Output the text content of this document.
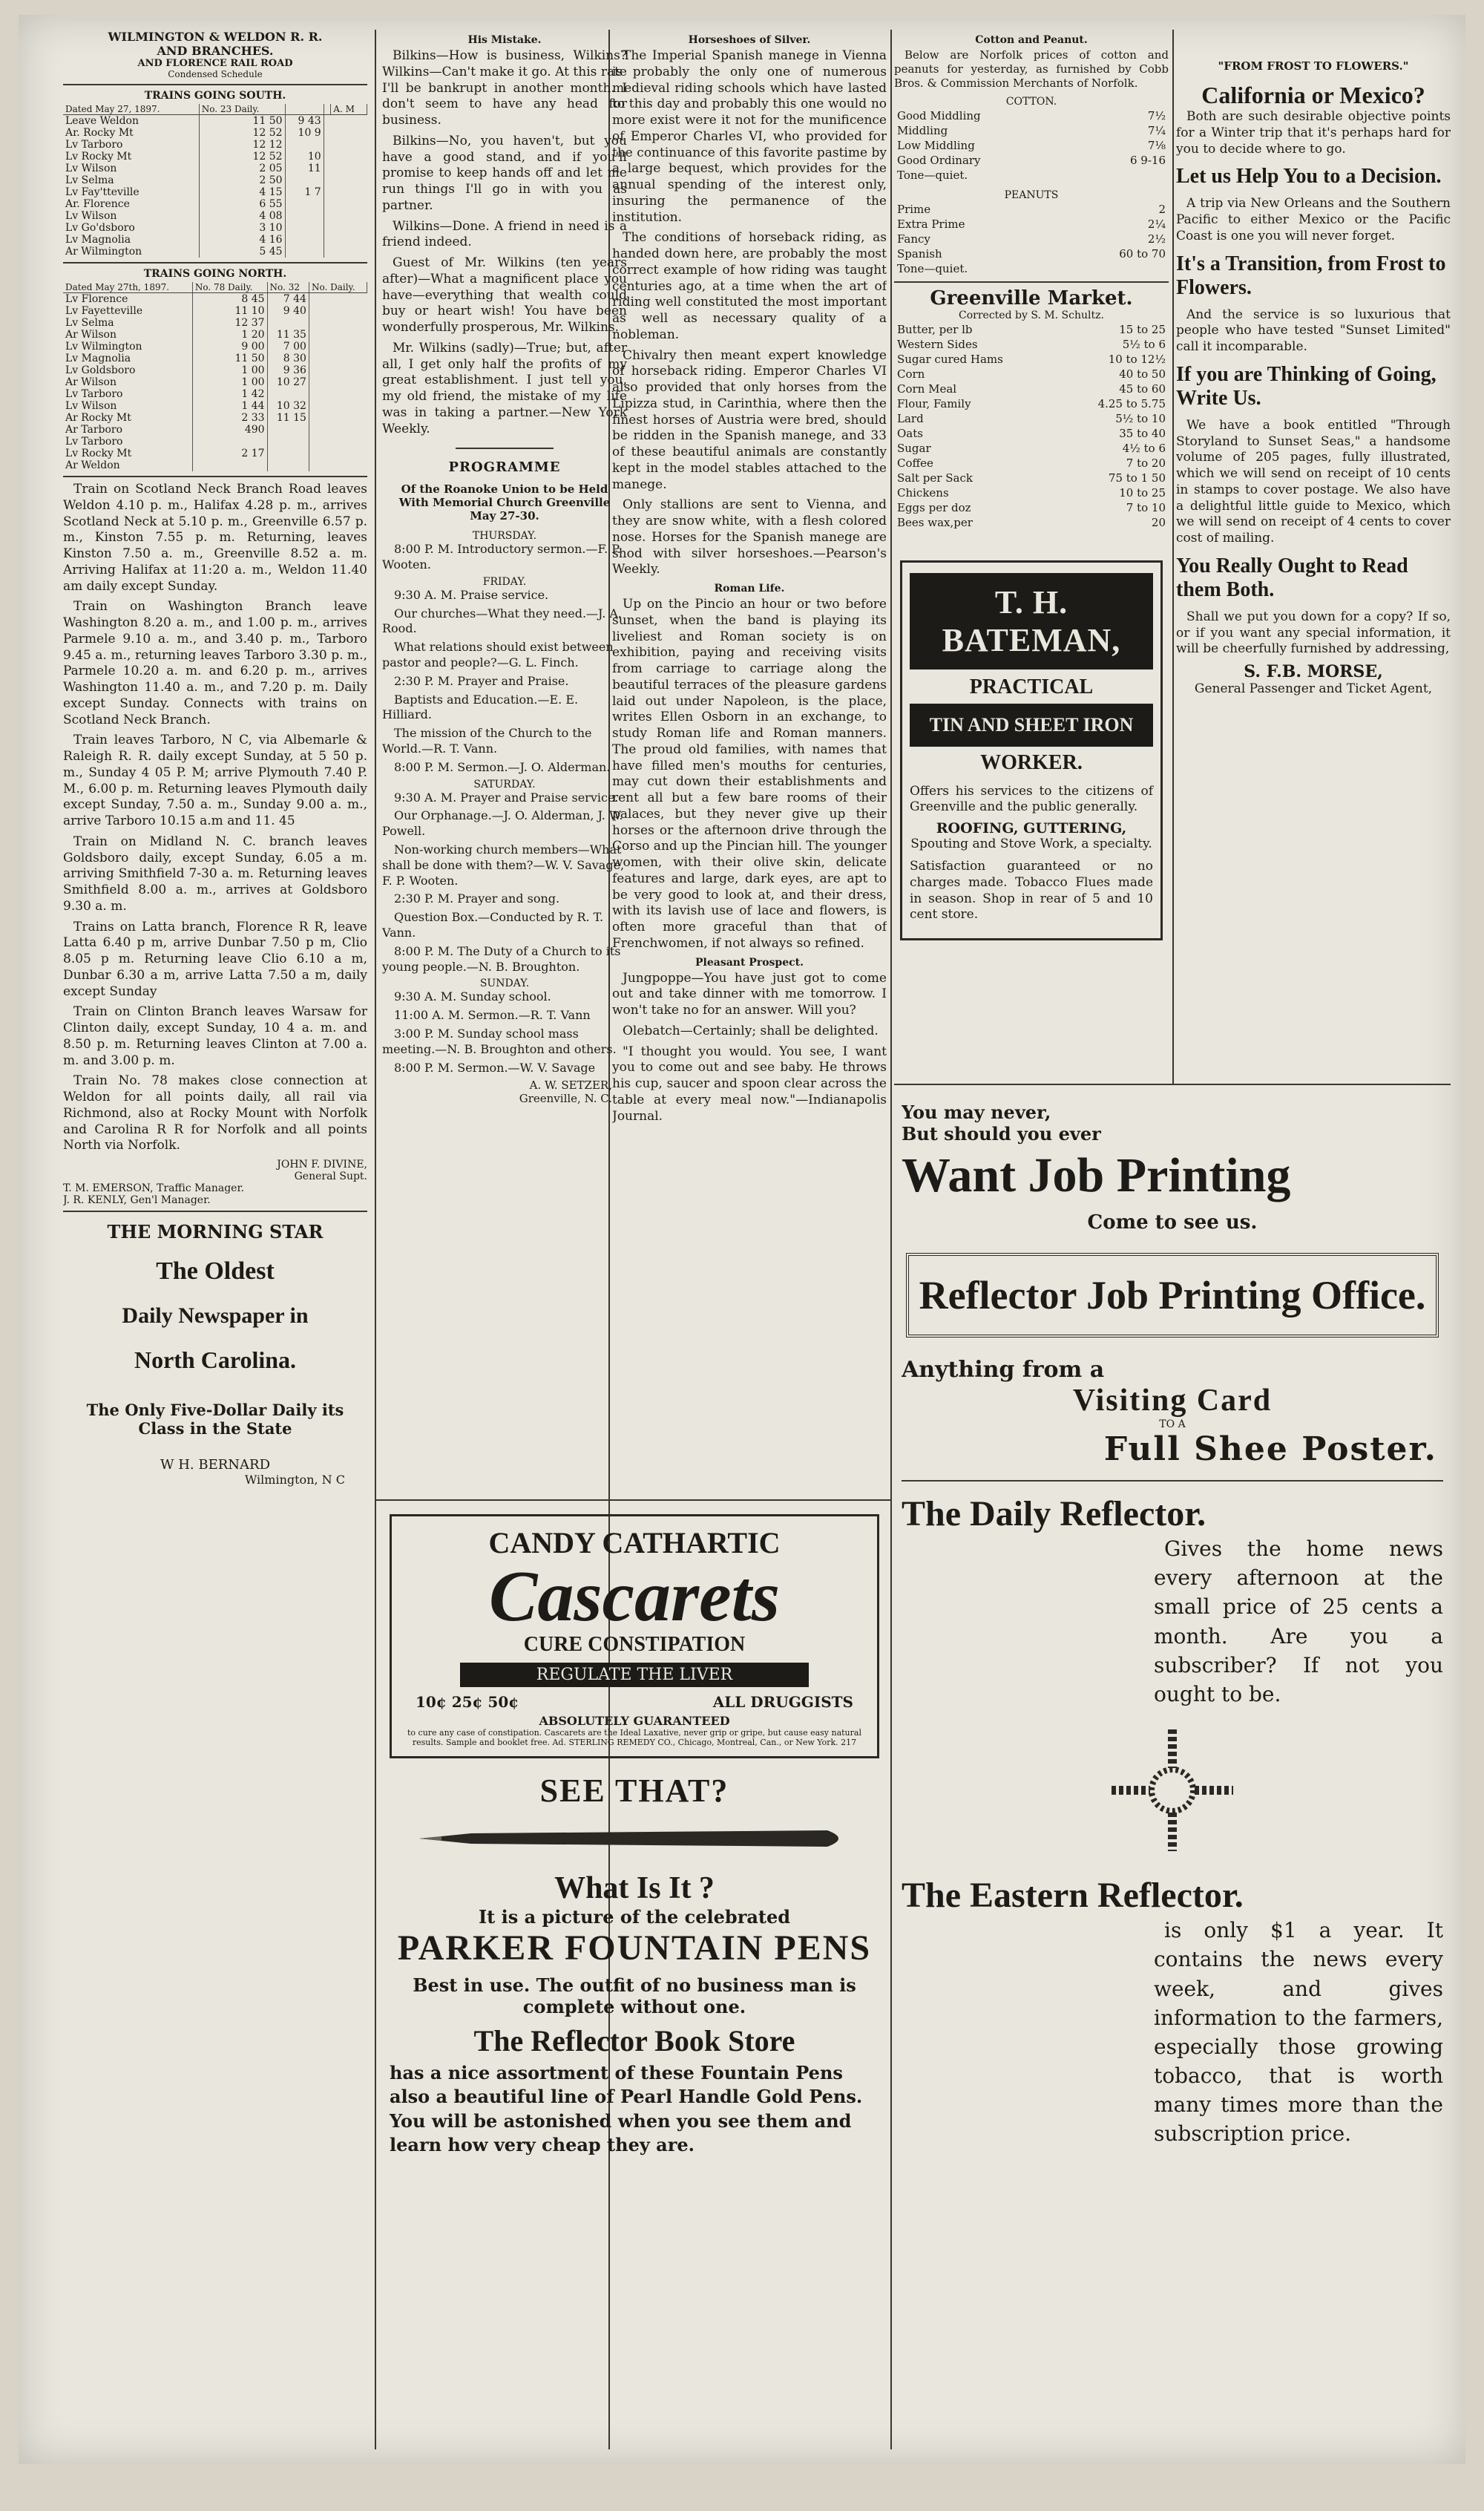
WILMINGTON & WELDON R. R.
AND BRANCHES.
AND FLORENCE RAIL ROAD
Condensed Schedule
TRAINS GOING SOUTH.
Dated May 27, 1897.	No. 23 Daily.			A. M
Leave Weldon	11 50	9 43		
Ar. Rocky Mt	12 52	10 9		
Lv Tarboro	12 12			
Lv Rocky Mt	12 52	10		
Lv Wilson	2 05	11		
Lv Selma	2 50			
Lv Fay'tteville	4 15	1 7		
Ar. Florence	6 55			
Lv Wilson	4 08			
Lv Go'dsboro	3 10			
Lv Magnolia	4 16			
Ar Wilmington	5 45			
TRAINS GOING NORTH.
Dated May 27th, 1897.	No. 78 Daily.	No. 32	No. Daily.
Lv Florence	8 45	7 44	
Lv Fayetteville	11 10	9 40	
Lv Selma	12 37		
Ar Wilson	1 20	11 35	
Lv Wilmington	9 00	7 00	
Lv Magnolia	11 50	8 30	
Lv Goldsboro	1 00	9 36	
Ar Wilson	1 00	10 27	
Lv Tarboro	1 42		
Lv Wilson	1 44	10 32	
Ar Rocky Mt	2 33	11 15	
Ar Tarboro	490		
Lv Tarboro			
Lv Rocky Mt	2 17		
Ar Weldon			

Train on Scotland Neck Branch Road leaves Weldon 4.10 p. m., Halifax 4.28 p. m., arrives Scotland Neck at 5.10 p. m., Greenville 6.57 p. m., Kinston 7.55 p. m. Returning, leaves Kinston 7.50 a. m., Greenville 8.52 a. m. Arriving Halifax at 11:20 a. m., Weldon 11.40 am daily except Sunday.

Train on Washington Branch leave Washington 8.20 a. m., and 1.00 p. m., arrives Parmele 9.10 a. m., and 3.40 p. m., Tarboro 9.45 a. m., returning leaves Tarboro 3.30 p. m., Parmele 10.20 a. m. and 6.20 p. m., arrives Washington 11.40 a. m., and 7.20 p. m. Daily except Sunday. Connects with trains on Scotland Neck Branch.

Train leaves Tarboro, N C, via Albemarle & Raleigh R. R. daily except Sunday, at 5 50 p. m., Sunday 4 05 P. M; arrive Plymouth 7.40 P. M., 6.00 p. m. Returning leaves Plymouth daily except Sunday, 7.50 a. m., Sunday 9.00 a. m., arrive Tarboro 10.15 a.m and 11. 45

Train on Midland N. C. branch leaves Goldsboro daily, except Sunday, 6.05 a m. arriving Smithfield 7-30 a. m. Returning leaves Smithfield 8.00 a. m., arrives at Goldsboro 9.30 a. m.

Trains on Latta branch, Florence R R, leave Latta 6.40 p m, arrive Dunbar 7.50 p m, Clio 8.05 p m. Returning leave Clio 6.10 a m, Dunbar 6.30 a m, arrive Latta 7.50 a m, daily except Sunday

Train on Clinton Branch leaves Warsaw for Clinton daily, except Sunday, 10 4 a. m. and 8.50 p. m. Returning leaves Clinton at 7.00 a. m. and 3.00 p. m.

Train No. 78 makes close connection at Weldon for all points daily, all rail via Richmond, also at Rocky Mount with Norfolk and Carolina R R for Norfolk and all points North via Norfolk.

JOHN F. DIVINE,
General Supt.
T. M. EMERSON, Traffic Manager.
J. R. KENLY, Gen'l Manager.
THE MORNING STAR
The Oldest
Daily Newspaper in
North Carolina.
The Only Five-Dollar Daily its Class in the State
W H. BERNARD
Wilmington, N C
His Mistake.

Bilkins—How is business, Wilkins? Wilkins—Can't make it go. At this rate I'll be bankrupt in another month. I don't seem to have any head for business.

Bilkins—No, you haven't, but you have a good stand, and if you'll promise to keep hands off and let me run things I'll go in with you as partner.

Wilkins—Done. A friend in need is a friend indeed.

Guest of Mr. Wilkins (ten years after)—What a magnificent place you have—everything that wealth could buy or heart wish! You have been wonderfully prosperous, Mr. Wilkins.

Mr. Wilkins (sadly)—True; but, after all, I get only half the profits of my great establishment. I just tell you, my old friend, the mistake of my life was in taking a partner.—New York Weekly.

PROGRAMME
Of the Roanoke Union to be Held
With Memorial Church Greenville
May 27-30.
THURSDAY.

8:00 P. M. Introductory sermon.—F. P. Wooten.

FRIDAY.

9:30 A. M. Praise service.

Our churches—What they need.—J. A. Rood.

What relations should exist between pastor and people?—G. L. Finch.

2:30 P. M. Prayer and Praise.

Baptists and Education.—E. E. Hilliard.

The mission of the Church to the World.—R. T. Vann.

8:00 P. M. Sermon.—J. O. Alderman.

SATURDAY.

9:30 A. M. Prayer and Praise service.

Our Orphanage.—J. O. Alderman, J. W. Powell.

Non-working church members—What shall be done with them?—W. V. Savage, F. P. Wooten.

2:30 P. M. Prayer and song.

Question Box.—Conducted by R. T. Vann.

8:00 P. M. The Duty of a Church to its young people.—N. B. Broughton.

SUNDAY.

9:30 A. M. Sunday school.

11:00 A. M. Sermon.—R. T. Vann

3:00 P. M. Sunday school mass meeting.—N. B. Broughton and others.

8:00 P. M. Sermon.—W. V. Savage

A. W. SETZER,
Greenville, N. C.
Horseshoes of Silver.

The Imperial Spanish manege in Vienna is probably the only one of numerous medieval riding schools which have lasted to this day and probably this one would no more exist were it not for the munificence of Emperor Charles VI, who provided for the continuance of this favorite pastime by a large bequest, which provides for the annual spending of the interest only, insuring the permanence of the institution.

The conditions of horseback riding, as handed down here, are probably the most correct example of how riding was taught centuries ago, at a time when the art of riding well constituted the most important as well as necessary quality of a nobleman.

Chivalry then meant expert knowledge of horseback riding. Emperor Charles VI also provided that only horses from the Lipizza stud, in Carinthia, where then the finest horses of Austria were bred, should be ridden in the Spanish manege, and 33 of these beautiful animals are constantly kept in the model stables attached to the manege.

Only stallions are sent to Vienna, and they are snow white, with a flesh colored nose. Horses for the Spanish manege are shod with silver horseshoes.—Pearson's Weekly.

Roman Life.

Up on the Pincio an hour or two before sunset, when the band is playing its liveliest and Roman society is on exhibition, paying and receiving visits from carriage to carriage along the beautiful terraces of the pleasure gardens laid out under Napoleon, is the place, writes Ellen Osborn in an exchange, to study Roman life and Roman manners. The proud old families, with names that have filled men's mouths for centuries, may cut down their establishments and rent all but a few bare rooms of their palaces, but they never give up their horses or the afternoon drive through the Corso and up the Pincian hill. The younger women, with their olive skin, delicate features and large, dark eyes, are apt to be very good to look at, and their dress, with its lavish use of lace and flowers, is often more graceful than that of Frenchwomen, if not always so refined.

Pleasant Prospect.

Jungpoppe—You have just got to come out and take dinner with me tomorrow. I won't take no for an answer. Will you?

Olebatch—Certainly; shall be delighted.

"I thought you would. You see, I want you to come out and see baby. He throws his cup, saucer and spoon clear across the table at every meal now."—Indianapolis Journal.

Cotton and Peanut.

Below are Norfolk prices of cotton and peanuts for yesterday, as furnished by Cobb Bros. & Commission Merchants of Norfolk.

COTTON.
Good Middling	7½
Middling	7¼
Low Middling	7⅛
Good Ordinary	6 9-16
Tone—quiet.	
PEANUTS
Prime	2
Extra Prime	2¼
Fancy	2½
Spanish	60 to 70
Tone—quiet.	
Greenville Market.
Corrected by S. M. Schultz.
Butter, per lb	15 to 25
Western Sides	5½ to 6
Sugar cured Hams	10 to 12½
Corn	40 to 50
Corn Meal	45 to 60
Flour, Family	4.25 to 5.75
Lard	5½ to 10
Oats	35 to 40
Sugar	4½ to 6
Coffee	7 to 20
Salt per Sack	75 to 1 50
Chickens	10 to 25
Eggs per doz	7 to 10
Bees wax,per	20
T. H. BATEMAN,
PRACTICAL
TIN AND SHEET IRON
WORKER.

Offers his services to the citizens of Greenville and the public generally.

ROOFING, GUTTERING,
Spouting and Stove Work, a specialty.

Satisfaction guaranteed or no charges made. Tobacco Flues made in season. Shop in rear of 5 and 10 cent store.

"FROM FROST TO FLOWERS."
California or Mexico?

Both are such desirable objective points for a Winter trip that it's perhaps hard for you to decide where to go.

Let us Help You to a Decision.

A trip via New Orleans and the Southern Pacific to either Mexico or the Pacific Coast is one you will never forget.

It's a Transition, from Frost to Flowers.

And the service is so luxurious that people who have tested "Sunset Limited" call it incomparable.

If you are Thinking of Going, Write Us.

We have a book entitled "Through Storyland to Sunset Seas," a handsome volume of 205 pages, fully illustrated, which we will send on receipt of 10 cents in stamps to cover postage. We also have a delightful little guide to Mexico, which we will send on receipt of 4 cents to cover cost of mailing.

You Really Ought to Read them Both.

Shall we put you down for a copy? If so, or if you want any special information, it will be cheerfully furnished by addressing,

S. F.B. MORSE,
General Passenger and Ticket Agent,
You may never,
But should you ever
Want Job Printing
Come to see us.
Reflector Job Printing Office.
Anything from a
Visiting Card
TO A
Full Shee Poster.
The Daily Reflector.

Gives the home news every afternoon at the small price of 25 cents a month. Are you a subscriber? If not you ought to be.

The Eastern Reflector.

is only $1 a year. It contains the news every week, and gives information to the farmers, especially those growing tobacco, that is worth many times more than the subscription price.

CANDY CATHARTIC
Cascarets
CURE CONSTIPATION
REGULATE THE LIVER
10¢ 25¢ 50¢	ALL DRUGGISTS
ABSOLUTELY GUARANTEED
to cure any case of constipation. Cascarets are the Ideal Laxative, never grip or gripe, but cause easy natural results. Sample and booklet free. Ad. STERLING REMEDY CO., Chicago, Montreal, Can., or New York. 217
SEE THAT?
What Is It ?
It is a picture of the celebrated
PARKER FOUNTAIN PENS
Best in use. The outfit of no business man is complete without one.
The Reflector Book Store
has a nice assortment of these Fountain Pens also a beautiful line of Pearl Handle Gold Pens. You will be astonished when you see them and learn how very cheap they are.
